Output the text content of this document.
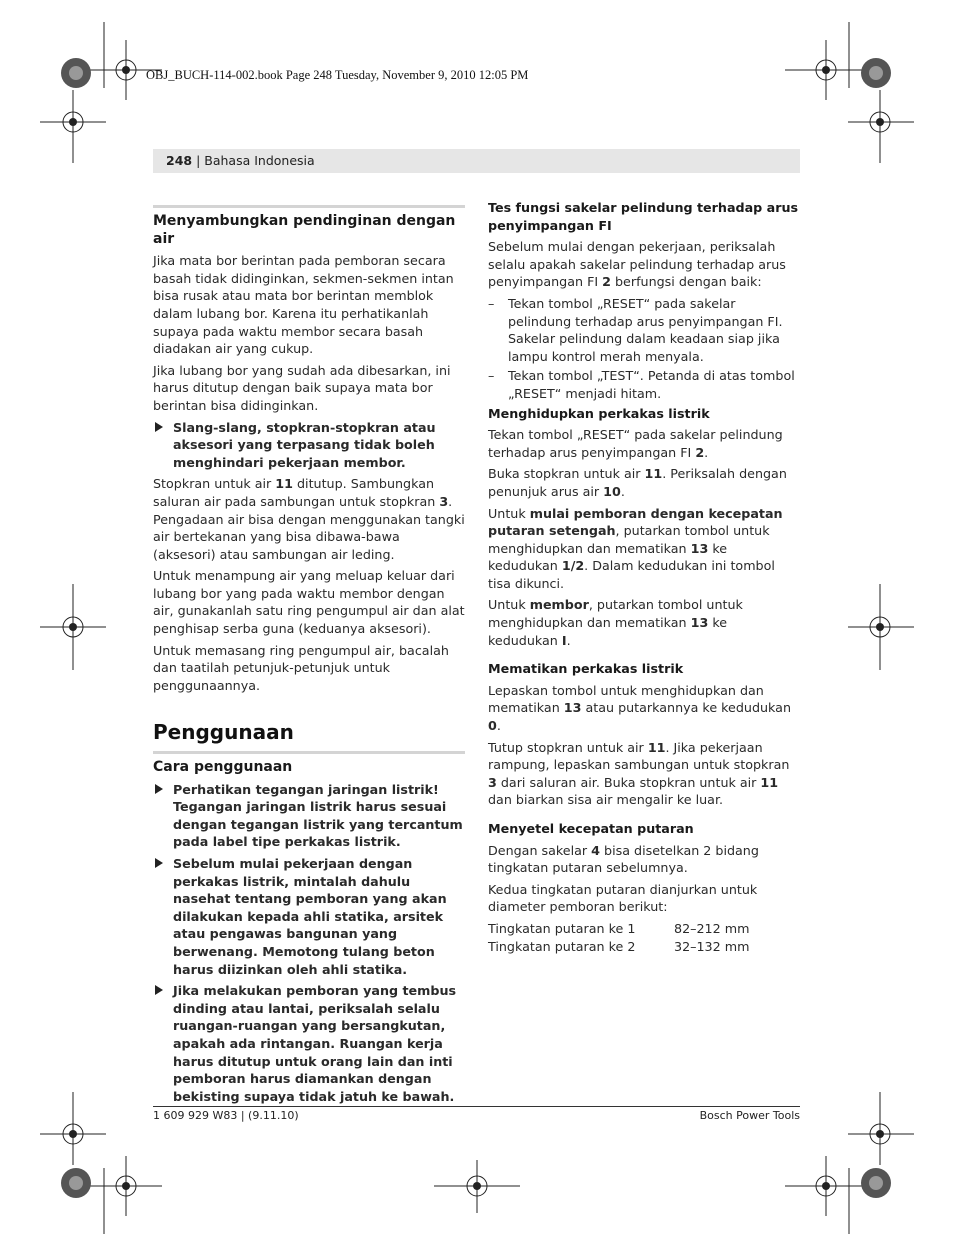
OBJ_BUCH-114-002.book Page 248 Tuesday, November 9, 2010 12:05 PM
248 | Bahasa Indonesia
Menyambungkan pendinginan dengan air

Jika mata bor berintan pada pemboran secara basah tidak didinginkan, sekmen-sekmen intan bisa rusak atau mata bor berintan memblok dalam lubang bor. Karena itu perhatikanlah supaya pada waktu membor secara basah diadakan air yang cukup.

Jika lubang bor yang sudah ada dibesarkan, ini harus ditutup dengan baik supaya mata bor berintan bisa didinginkan.

Slang-slang, stopkran-stopkran atau aksesori yang terpasang tidak boleh menghindari pekerjaan membor.

Stopkran untuk air 11 ditutup. Sambungkan saluran air pada sambungan untuk stopkran 3. Pengadaan air bisa dengan menggunakan tangki air bertekanan yang bisa dibawa-bawa (aksesori) atau sambungan air leding.

Untuk menampung air yang meluap keluar dari lubang bor yang pada waktu membor dengan air, gunakanlah satu ring pengumpul air dan alat penghisap serba guna (keduanya aksesori).

Untuk memasang ring pengumpul air, bacalah dan taatilah petunjuk-petunjuk untuk penggunaannya.

Penggunaan
Cara penggunaan
Perhatikan tegangan jaringan listrik! Tegangan jaringan listrik harus sesuai dengan tegangan listrik yang tercantum pada label tipe perkakas listrik.
Sebelum mulai pekerjaan dengan perkakas listrik, mintalah dahulu nasehat tentang pemboran yang akan dilakukan kepada ahli statika, arsitek atau pengawas bangunan yang berwenang. Memotong tulang beton harus diizinkan oleh ahli statika.
Jika melakukan pemboran yang tembus dinding atau lantai, periksalah selalu ruangan-ruangan yang bersangkutan, apakah ada rintangan. Ruangan kerja harus ditutup untuk orang lain dan inti pemboran harus diamankan dengan bekisting supaya tidak jatuh ke bawah.
Tes fungsi sakelar pelindung terhadap arus penyimpangan FI

Sebelum mulai dengan pekerjaan, periksalah selalu apakah sakelar pelindung terhadap arus penyimpangan FI 2 berfungsi dengan baik:

– Tekan tombol „RESET“ pada sakelar pelindung terhadap arus penyimpangan FI. Sakelar pelindung dalam keadaan siap jika lampu kontrol merah menyala.
– Tekan tombol „TEST“. Petanda di atas tombol „RESET“ menjadi hitam.
Menghidupkan perkakas listrik

Tekan tombol „RESET“ pada sakelar pelindung terhadap arus penyimpangan FI 2.

Buka stopkran untuk air 11. Periksalah dengan penunjuk arus air 10.

Untuk mulai pemboran dengan kecepatan putaran setengah, putarkan tombol untuk menghidupkan dan mematikan 13 ke kedudukan 1/2. Dalam kedudukan ini tombol tisa dikunci.

Untuk membor, putarkan tombol untuk menghidupkan dan mematikan 13 ke kedudukan I.

Mematikan perkakas listrik

Lepaskan tombol untuk menghidupkan dan mematikan 13 atau putarkannya ke kedudukan 0.

Tutup stopkran untuk air 11. Jika pekerjaan rampung, lepaskan sambungan untuk stopkran 3 dari saluran air. Buka stopkran untuk air 11 dan biarkan sisa air mengalir ke luar.

Menyetel kecepatan putaran

Dengan sakelar 4 bisa disetelkan 2 bidang tingkatan putaran sebelumnya.

Kedua tingkatan putaran dianjurkan untuk diameter pemboran berikut:

Tingkatan putaran ke 1	82–212 mm
Tingkatan putaran ke 2	32–132 mm
1 609 929 W83 | (9.11.10)	Bosch Power Tools
